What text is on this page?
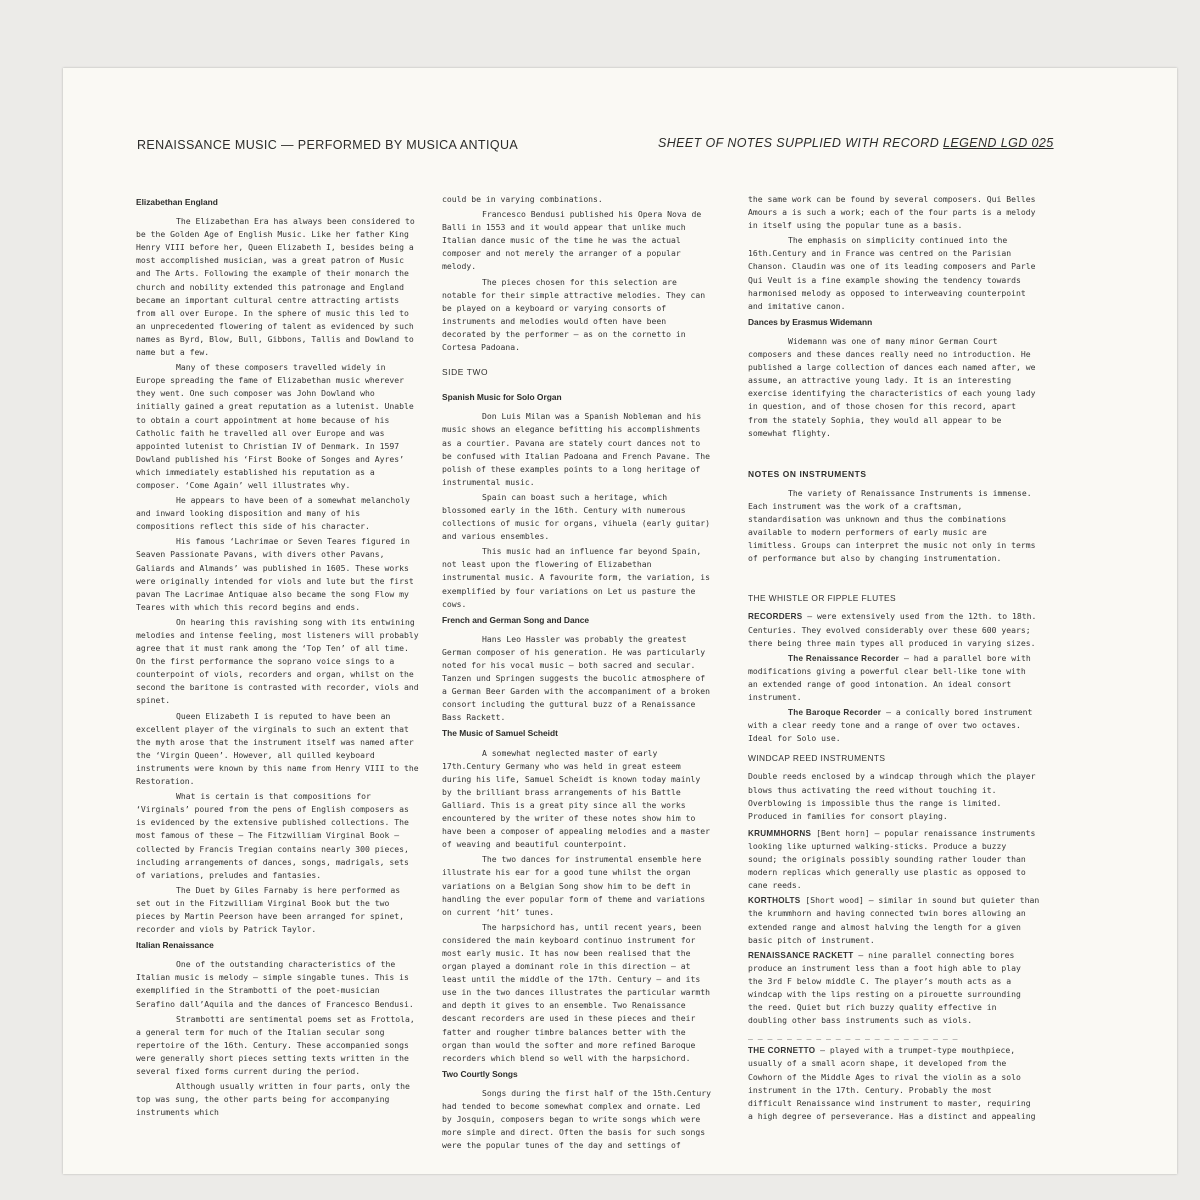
RENAISSANCE MUSIC — PERFORMED BY MUSICA ANTIQUA	SHEET OF NOTES SUPPLIED WITH RECORD LEGEND LGD 025
Elizabethan England

The Elizabethan Era has always been considered to be the Golden Age of English Music. Like her father King Henry VIII before her, Queen Elizabeth I, besides being a most accomplished musician, was a great patron of Music and The Arts. Following the example of their monarch the church and nobility extended this patronage and England became an important cultural centre attracting artists from all over Europe. In the sphere of music this led to an unprecedented flowering of talent as evidenced by such names as Byrd, Blow, Bull, Gibbons, Tallis and Dowland to name but a few.

Many of these composers travelled widely in Europe spreading the fame of Elizabethan music wherever they went. One such composer was John Dowland who initially gained a great reputation as a lutenist. Unable to obtain a court appointment at home because of his Catholic faith he travelled all over Europe and was appointed lutenist to Christian IV of Denmark. In 1597 Dowland published his ‘First Booke of Songes and Ayres’ which immediately established his reputation as a composer. ‘Come Again’ well illustrates why.

He appears to have been of a somewhat melancholy and inward looking disposition and many of his compositions reflect this side of his character.

His famous ‘Lachrimae or Seven Teares figured in Seaven Passionate Pavans, with divers other Pavans, Galiards and Almands’ was published in 1605. These works were originally intended for viols and lute but the first pavan The Lacrimae Antiquae also became the song Flow my Teares with which this record begins and ends.

On hearing this ravishing song with its entwining melodies and intense feeling, most listeners will probably agree that it must rank among the ‘Top Ten’ of all time. On the first performance the soprano voice sings to a counterpoint of viols, recorders and organ, whilst on the second the baritone is contrasted with recorder, viols and spinet.

Queen Elizabeth I is reputed to have been an excellent player of the virginals to such an extent that the myth arose that the instrument itself was named after the ‘Virgin Queen’. However, all quilled keyboard instruments were known by this name from Henry VIII to the Restoration.

What is certain is that compositions for ‘Virginals’ poured from the pens of English composers as is evidenced by the extensive published collections. The most famous of these — The Fitzwilliam Virginal Book — collected by Francis Tregian contains nearly 300 pieces, including arrangements of dances, songs, madrigals, sets of variations, preludes and fantasies.

The Duet by Giles Farnaby is here performed as set out in the Fitzwilliam Virginal Book but the two pieces by Martin Peerson have been arranged for spinet, recorder and viols by Patrick Taylor.

Italian Renaissance

One of the outstanding characteristics of the Italian music is melody — simple singable tunes. This is exemplified in the Strambotti of the poet-musician Serafino dall’Aquila and the dances of Francesco Bendusi.

Strambotti are sentimental poems set as Frottola, a general term for much of the Italian secular song repertoire of the 16th. Century. These accompanied songs were generally short pieces setting texts written in the several fixed forms current during the period.

Although usually written in four parts, only the top was sung, the other parts being for accompanying instruments which

could be in varying combinations.

Francesco Bendusi published his Opera Nova de Balli in 1553 and it would appear that unlike much Italian dance music of the time he was the actual composer and not merely the arranger of a popular melody.

The pieces chosen for this selection are notable for their simple attractive melodies. They can be played on a keyboard or varying consorts of instruments and melodies would often have been decorated by the performer — as on the cornetto in Cortesa Padoana.

SIDE TWO
Spanish Music for Solo Organ

Don Luis Milan was a Spanish Nobleman and his music shows an elegance befitting his accomplishments as a courtier. Pavana are stately court dances not to be confused with Italian Padoana and French Pavane. The polish of these examples points to a long heritage of instrumental music.

Spain can boast such a heritage, which blossomed early in the 16th. Century with numerous collections of music for organs, vihuela (early guitar) and various ensembles.

This music had an influence far beyond Spain, not least upon the flowering of Elizabethan instrumental music. A favourite form, the variation, is exemplified by four variations on Let us pasture the cows.

French and German Song and Dance

Hans Leo Hassler was probably the greatest German composer of his generation. He was particularly noted for his vocal music — both sacred and secular. Tanzen und Springen suggests the bucolic atmosphere of a German Beer Garden with the accompaniment of a broken consort including the guttural buzz of a Renaissance Bass Rackett.

The Music of Samuel Scheidt

A somewhat neglected master of early 17th.Century Germany who was held in great esteem during his life, Samuel Scheidt is known today mainly by the brilliant brass arrangements of his Battle Galliard. This is a great pity since all the works encountered by the writer of these notes show him to have been a composer of appealing melodies and a master of weaving and beautiful counterpoint.

The two dances for instrumental ensemble here illustrate his ear for a good tune whilst the organ variations on a Belgian Song show him to be deft in handling the ever popular form of theme and variations on current ‘hit’ tunes.

The harpsichord has, until recent years, been considered the main keyboard continuo instrument for most early music. It has now been realised that the organ played a dominant role in this direction — at least until the middle of the 17th. Century — and its use in the two dances illustrates the particular warmth and depth it gives to an ensemble. Two Renaissance descant recorders are used in these pieces and their fatter and rougher timbre balances better with the organ than would the softer and more refined Baroque recorders which blend so well with the harpsichord.

Two Courtly Songs

Songs during the first half of the 15th.Century had tended to become somewhat complex and ornate. Led by Josquin, composers began to write songs which were more simple and direct. Often the basis for such songs were the popular tunes of the day and settings of

the same work can be found by several composers. Qui Belles Amours a is such a work; each of the four parts is a melody in itself using the popular tune as a basis.

The emphasis on simplicity continued into the 16th.Century and in France was centred on the Parisian Chanson. Claudin was one of its leading composers and Parle Qui Veult is a fine example showing the tendency towards harmonised melody as opposed to interweaving counterpoint and imitative canon.

Dances by Erasmus Widemann

Widemann was one of many minor German Court composers and these dances really need no introduction. He published a large collection of dances each named after, we assume, an attractive young lady. It is an interesting exercise identifying the characteristics of each young lady in question, and of those chosen for this record, apart from the stately Sophia, they would all appear to be somewhat flighty.

NOTES ON INSTRUMENTS

The variety of Renaissance Instruments is immense. Each instrument was the work of a craftsman, standardisation was unknown and thus the combinations available to modern performers of early music are limitless. Groups can interpret the music not only in terms of performance but also by changing instrumentation.

THE WHISTLE OR FIPPLE FLUTES

RECORDERS — were extensively used from the 12th. to 18th. Centuries. They evolved considerably over these 600 years; there being three main types all produced in varying sizes.

The Renaissance Recorder — had a parallel bore with modifications giving a powerful clear bell-like tone with an extended range of good intonation. An ideal consort instrument.

The Baroque Recorder — a conically bored instrument with a clear reedy tone and a range of over two octaves. Ideal for Solo use.

WINDCAP REED INSTRUMENTS

Double reeds enclosed by a windcap through which the player blows thus activating the reed without touching it. Overblowing is impossible thus the range is limited. Produced in families for consort playing.

KRUMMHORNS [Bent horn] — popular renaissance instruments looking like upturned walking-sticks. Produce a buzzy sound; the originals possibly sounding rather louder than modern replicas which generally use plastic as opposed to cane reeds.

KORTHOLTS [Short wood] — similar in sound but quieter than the krummhorn and having connected twin bores allowing an extended range and almost halving the length for a given basic pitch of instrument.

RENAISSANCE RACKETT — nine parallel connecting bores produce an instrument less than a foot high able to play the 3rd F below middle C. The player’s mouth acts as a windcap with the lips resting on a pirouette surrounding the reed. Quiet but rich buzzy quality effective in doubling other bass instruments such as viols.

_ _ _ _ _ _ _ _ _ _ _ _ _ _ _ _ _ _ _ _ _ _

THE CORNETTO — played with a trumpet-type mouthpiece, usually of a small acorn shape, it developed from the Cowhorn of the Middle Ages to rival the violin as a solo instrument in the 17th. Century. Probably the most difficult Renaissance wind instrument to master, requiring a high degree of perseverance. Has a distinct and appealing
